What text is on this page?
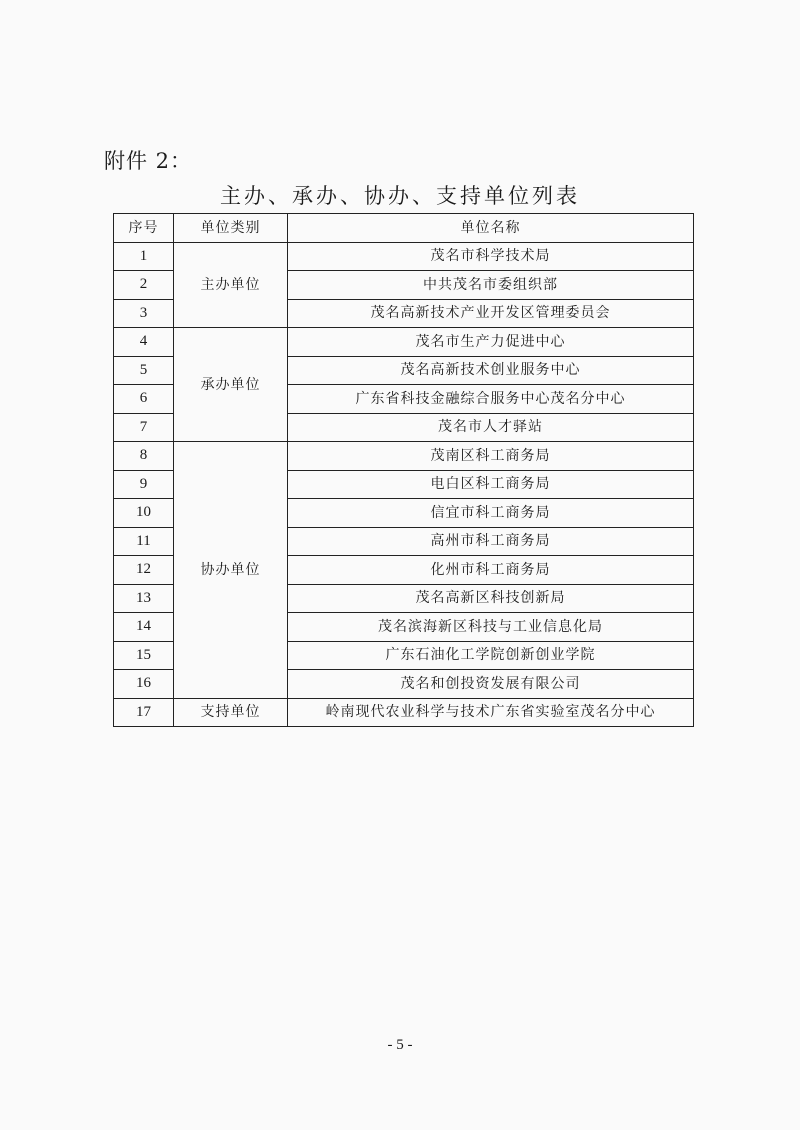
附件 2：
主办、承办、协办、支持单位列表
序号	单位类别	单位名称
1	主办单位	茂名市科学技术局
2		中共茂名市委组织部
3		茂名高新技术产业开发区管理委员会
4	承办单位	茂名市生产力促进中心
5		茂名高新技术创业服务中心
6		广东省科技金融综合服务中心茂名分中心
7		茂名市人才驿站
8	协办单位	茂南区科工商务局
9		电白区科工商务局
10		信宜市科工商务局
11		高州市科工商务局
12		化州市科工商务局
13		茂名高新区科技创新局
14		茂名滨海新区科技与工业信息化局
15		广东石油化工学院创新创业学院
16		茂名和创投资发展有限公司
17	支持单位	岭南现代农业科学与技术广东省实验室茂名分中心
- 5 -
